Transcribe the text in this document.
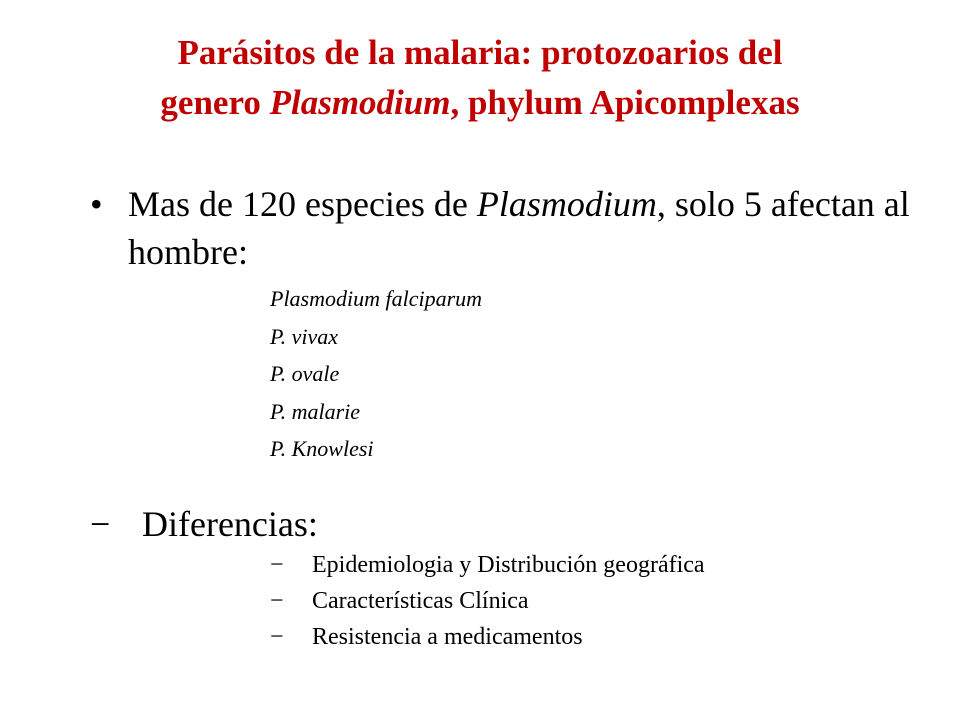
Parásitos de la malaria: protozoarios del
genero Plasmodium, phylum Apicomplexas
• Mas de 120 especies de Plasmodium, solo 5 afectan al hombre:
Plasmodium falciparum
P. vivax
P. ovale
P. malarie
P. Knowlesi
− Diferencias:
− Epidemiologia y Distribución geográfica
− Características Clínica
− Resistencia a medicamentos
